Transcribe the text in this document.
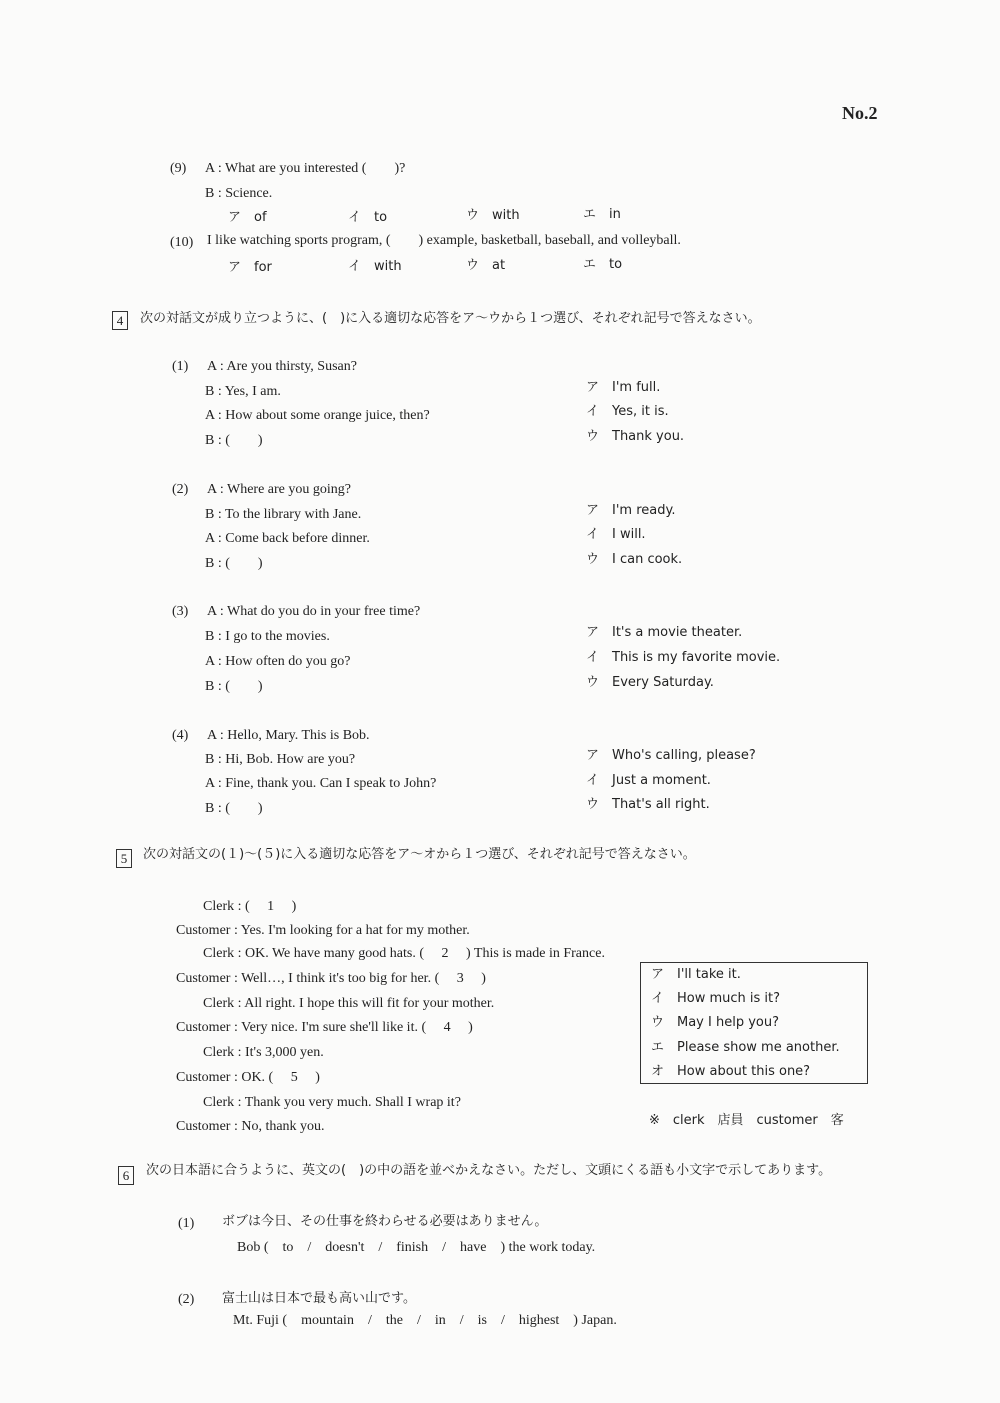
No.2
(9) A : What are you interested (　　)?
B : Science.
ア　of	イ　to	ウ　with	エ　in
(10) I like watching sports program, (　　) example, basketball, baseball, and volleyball.
ア　for	イ　with	ウ　at	エ　to
4	次の対話文が成り立つように、(　)に入る適切な応答をア〜ウから１つ選び、それぞれ記号で答えなさい。
(1) A : Are you thirsty, Susan?
B : Yes, I am.
A : How about some orange juice, then?
B : (　　)
ア　I'm full.
イ　Yes, it is.
ウ　Thank you.
(2) A : Where are you going?
B : To the library with Jane.
A : Come back before dinner.
B : (　　)
ア　I'm ready.
イ　I will.
ウ　I can cook.
(3) A : What do you do in your free time?
B : I go to the movies.
A : How often do you go?
B : (　　)
ア　It's a movie theater.
イ　This is my favorite movie.
ウ　Every Saturday.
(4) A : Hello, Mary. This is Bob.
B : Hi, Bob. How are you?
A : Fine, thank you. Can I speak to John?
B : (　　)
ア　Who's calling, please?
イ　Just a moment.
ウ　That's all right.
5	次の対話文の(１)〜(５)に入る適切な応答をア〜オから１つ選び、それぞれ記号で答えなさい。
Clerk : (　 1 　)
Customer : Yes. I'm looking for a hat for my mother.
Clerk : OK. We have many good hats. (　 2 　) This is made in France.
Customer : Well…, I think it's too big for her. (　 3 　)
Clerk : All right. I hope this will fit for your mother.
Customer : Very nice. I'm sure she'll like it. (　 4 　)
Clerk : It's 3,000 yen.
Customer : OK. (　 5 　)
Clerk : Thank you very much. Shall I wrap it?
Customer : No, thank you.
ア　I'll take it.
イ　How much is it?
ウ　May I help you?
エ　Please show me another.
オ　How about this one?
※　clerk　店員　customer　客
6	次の日本語に合うように、英文の(　)の中の語を並べかえなさい。ただし、文頭にくる語も小文字で示してあります。
(1) ボブは今日、その仕事を終わらせる必要はありません。
Bob (　to　/　doesn't　/　finish　/　have　) the work today.
(2) 富士山は日本で最も高い山です。
Mt. Fuji (　mountain　/　the　/　in　/　is　/　highest　) Japan.
